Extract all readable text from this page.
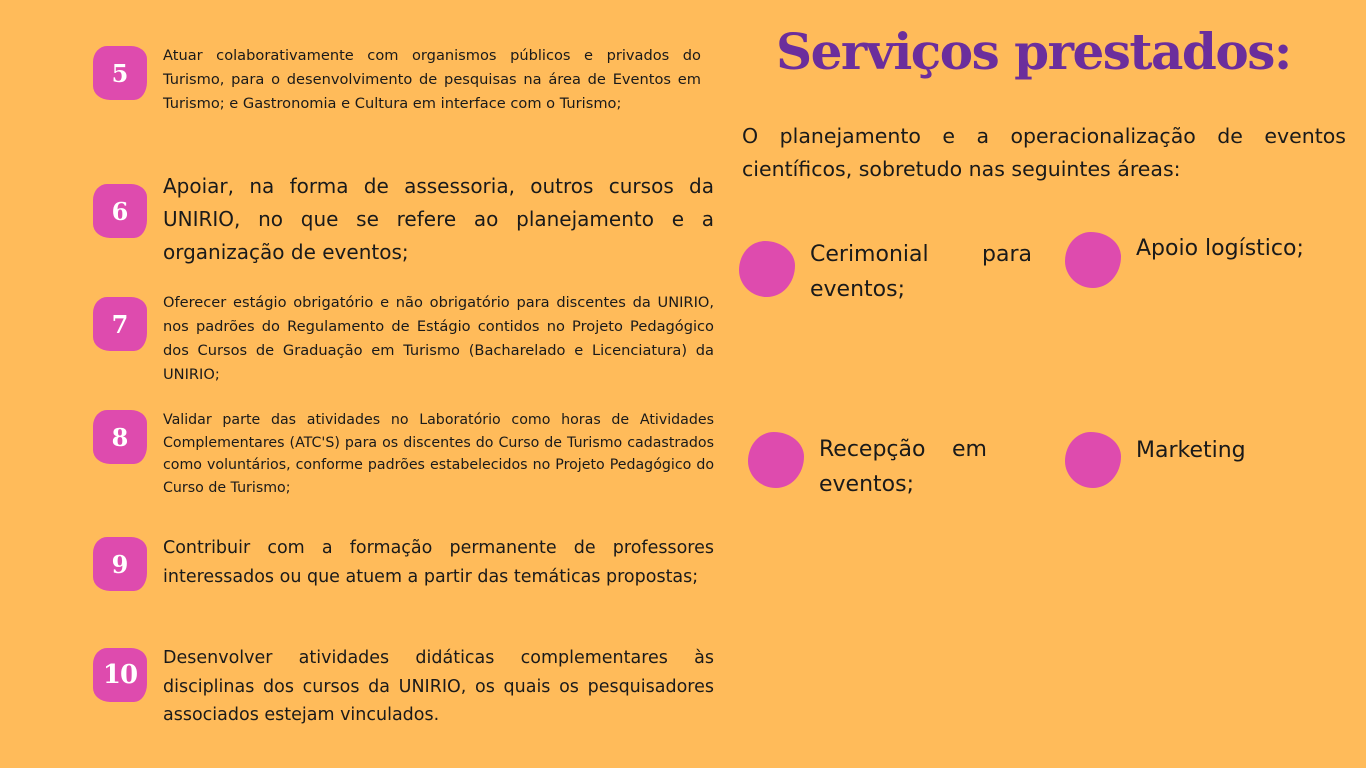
5

Atuar colaborativamente com organismos públicos e privados do Turismo, para o desenvolvimento de pesquisas na área de Eventos em Turismo; e Gastronomia e Cultura em interface com o Turismo;

6

Apoiar, na forma de assessoria, outros cursos da UNIRIO, no que se refere ao planejamento e a organização de eventos;

7

Oferecer estágio obrigatório e não obrigatório para discentes da UNIRIO, nos padrões do Regulamento de Estágio contidos no Projeto Pedagógico dos Cursos de Graduação em Turismo (Bacharelado e Licenciatura) da UNIRIO;

8

Validar parte das atividades no Laboratório como horas de Atividades Complementares (ATC'S) para os discentes do Curso de Turismo cadastrados como voluntários, conforme padrões estabelecidos no Projeto Pedagógico do Curso de Turismo;

9

Contribuir com a formação permanente de professores interessados ou que atuem a partir das temáticas propostas;

10

Desenvolver atividades didáticas complementares às disciplinas dos cursos da UNIRIO, os quais os pesquisadores associados estejam vinculados.

Serviços prestados:

O planejamento e a operacionalização de eventos científicos, sobretudo nas seguintes áreas:

Cerimonial para eventos;

Apoio logístico;

Recepção em eventos;

Marketing
